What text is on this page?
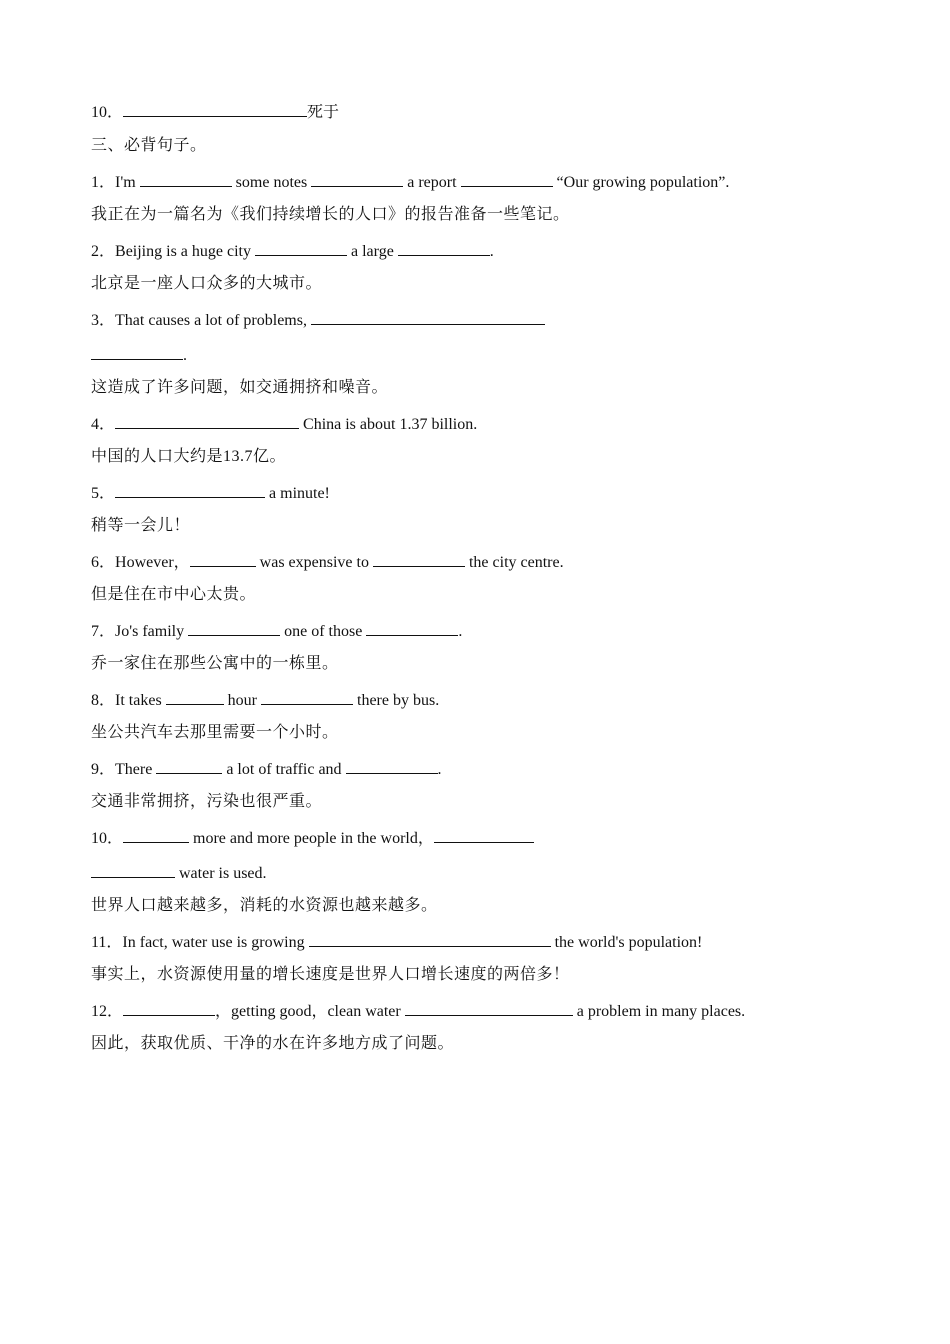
10．	死于
三、必背句子。
1．I'm	some notes	a report	“Our growing population”.
我正在为一篇名为《我们持续增长的人口》的报告准备一些笔记。
2．Beijing is a huge city	a large	.
北京是一座人口众多的大城市。
3．That causes a lot of problems,
.
这造成了许多问题，如交通拥挤和噪音。
4．	China is about 1.37 billion.
中国的人口大约是13.7亿。
5．	a minute!
稍等一会儿！
6．However，	was expensive to	the city centre.
但是住在市中心太贵。
7．Jo's family	one of those	.
乔一家住在那些公寓中的一栋里。
8．It takes	hour	there by bus.
坐公共汽车去那里需要一个小时。
9．There	a lot of traffic and	.
交通非常拥挤，污染也很严重。
10．	more and more people in the world，
water is used.
世界人口越来越多，消耗的水资源也越来越多。
11．In fact, water use is growing	the world's population!
事实上，水资源使用量的增长速度是世界人口增长速度的两倍多！
12．	，getting good，clean water	a problem in many places.
因此，获取优质、干净的水在许多地方成了问题。
